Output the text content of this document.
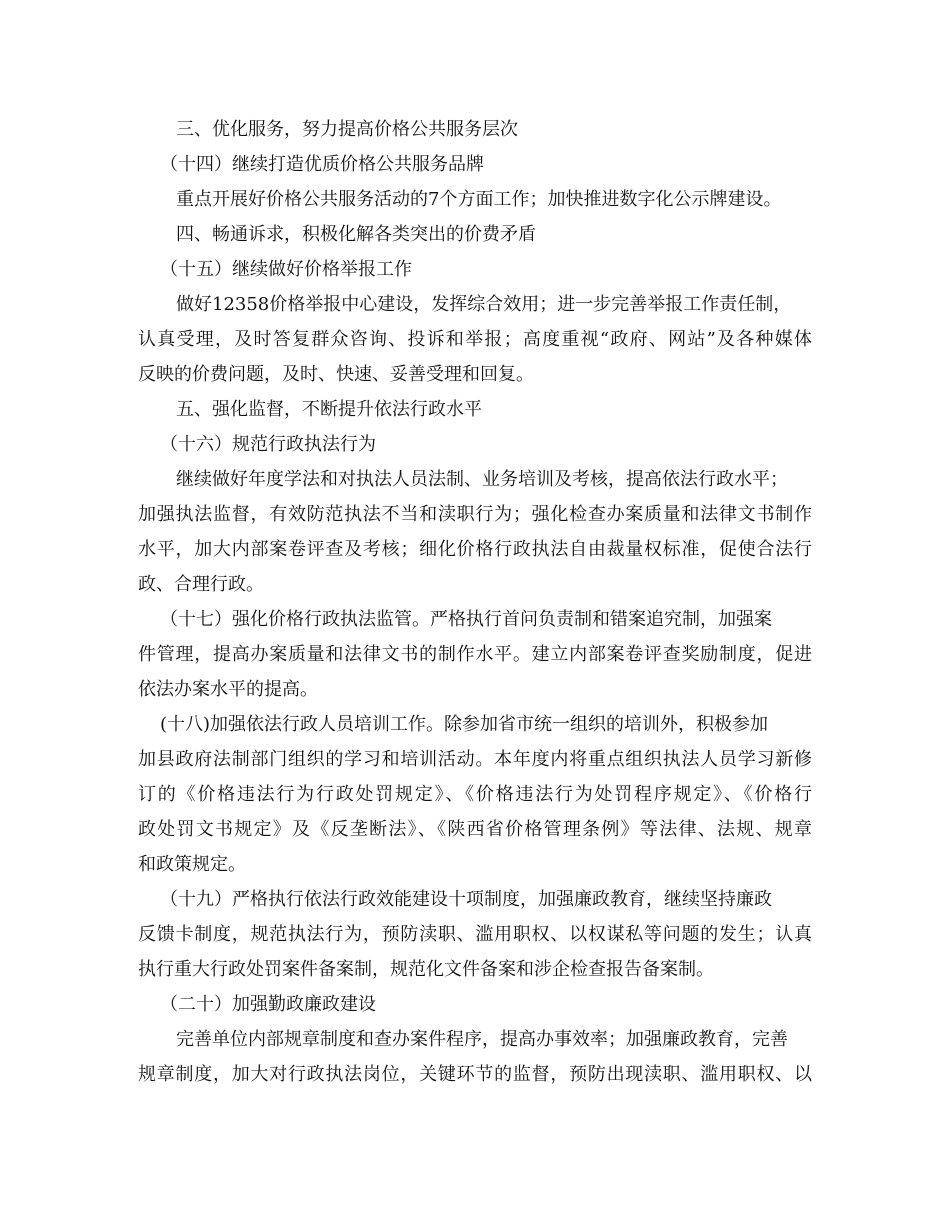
三、优化服务，努力提高价格公共服务层次
（十四）继续打造优质价格公共服务品牌
重点开展好价格公共服务活动的7个方面工作；加快推进数字化公示牌建设。
四、畅通诉求，积极化解各类突出的价费矛盾
（十五）继续做好价格举报工作
做好12358价格举报中心建设，发挥综合效用；进一步完善举报工作责任制，
认真受理，及时答复群众咨询、投诉和举报；高度重视“政府、网站”及各种媒体
反映的价费问题，及时、快速、妥善受理和回复。
五、强化监督，不断提升依法行政水平
（十六）规范行政执法行为
继续做好年度学法和对执法人员法制、业务培训及考核，提高依法行政水平；
加强执法监督，有效防范执法不当和渎职行为；强化检查办案质量和法律文书制作
水平，加大内部案卷评查及考核；细化价格行政执法自由裁量权标准，促使合法行
政、合理行政。
（十七）强化价格行政执法监管。严格执行首问负责制和错案追究制，加强案
件管理，提高办案质量和法律文书的制作水平。建立内部案卷评查奖励制度，促进
依法办案水平的提高。
(十八)加强依法行政人员培训工作。除参加省市统一组织的培训外，积极参加
加县政府法制部门组织的学习和培训活动。本年度内将重点组织执法人员学习新修
订的《价格违法行为行政处罚规定》、《价格违法行为处罚程序规定》、《价格行
政处罚文书规定》及《反垄断法》、《陕西省价格管理条例》等法律、法规、规章
和政策规定。
（十九）严格执行依法行政效能建设十项制度，加强廉政教育，继续坚持廉政
反馈卡制度，规范执法行为，预防渎职、滥用职权、以权谋私等问题的发生；认真
执行重大行政处罚案件备案制，规范化文件备案和涉企检查报告备案制。
（二十）加强勤政廉政建设
完善单位内部规章制度和查办案件程序，提高办事效率；加强廉政教育，完善
规章制度，加大对行政执法岗位，关键环节的监督，预防出现渎职、滥用职权、以
